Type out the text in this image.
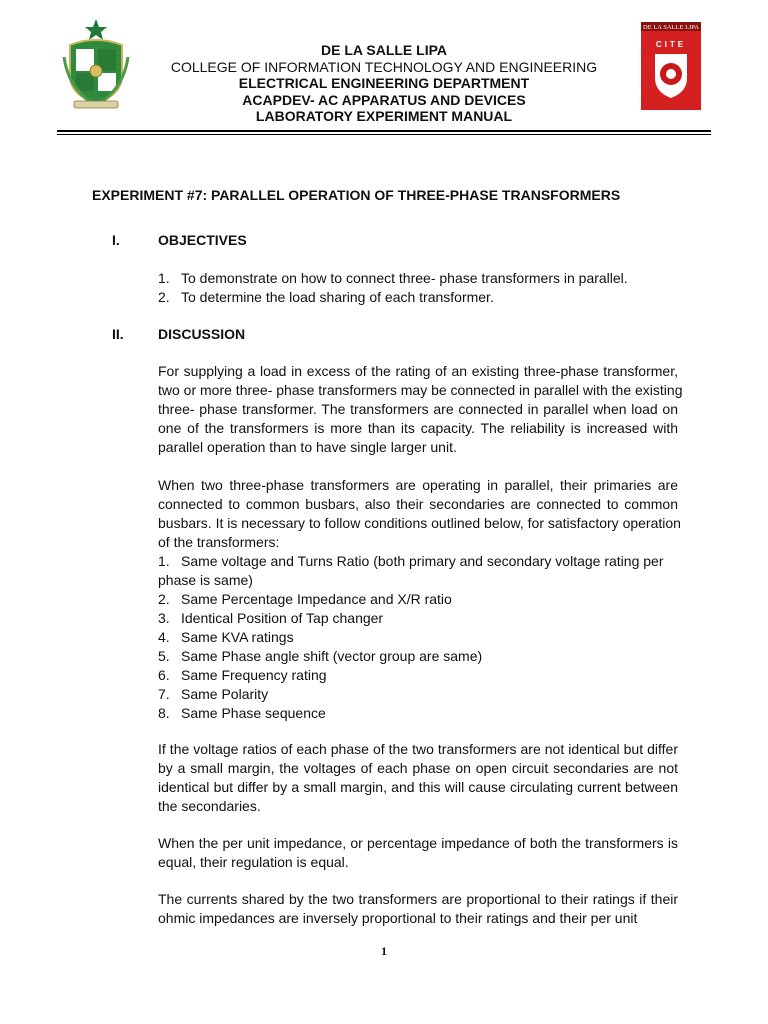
DE LA SALLE LIPA
CITE
DE LA SALLE LIPA
COLLEGE OF INFORMATION TECHNOLOGY AND ENGINEERING
ELECTRICAL ENGINEERING DEPARTMENT
ACAPDEV- AC APPARATUS AND DEVICES
LABORATORY EXPERIMENT MANUAL
EXPERIMENT #7: PARALLEL OPERATION OF THREE-PHASE TRANSFORMERS
I.	OBJECTIVES
1. To demonstrate on how to connect three- phase transformers in parallel.
2. To determine the load sharing of each transformer.
II. DISCUSSION
For supplying a load in excess of the rating of an existing three-phase transformer,
two or more three- phase transformers may be connected in parallel with the existing
three- phase transformer. The transformers are connected in parallel when load on
one of the transformers is more than its capacity. The reliability is increased with
parallel operation than to have single larger unit.
When two three-phase transformers are operating in parallel, their primaries are
connected to common busbars, also their secondaries are connected to common
busbars. It is necessary to follow conditions outlined below, for satisfactory operation
of the transformers:
1. Same voltage and Turns Ratio (both primary and secondary voltage rating per
phase is same)
2. Same Percentage Impedance and X/R ratio
3. Identical Position of Tap changer
4. Same KVA ratings
5. Same Phase angle shift (vector group are same)
6. Same Frequency rating
7. Same Polarity
8. Same Phase sequence
If the voltage ratios of each phase of the two transformers are not identical but differ
by a small margin, the voltages of each phase on open circuit secondaries are not
identical but differ by a small margin, and this will cause circulating current between
the secondaries.
When the per unit impedance, or percentage impedance of both the transformers is
equal, their regulation is equal.
The currents shared by the two transformers are proportional to their ratings if their
ohmic impedances are inversely proportional to their ratings and their per unit
1
